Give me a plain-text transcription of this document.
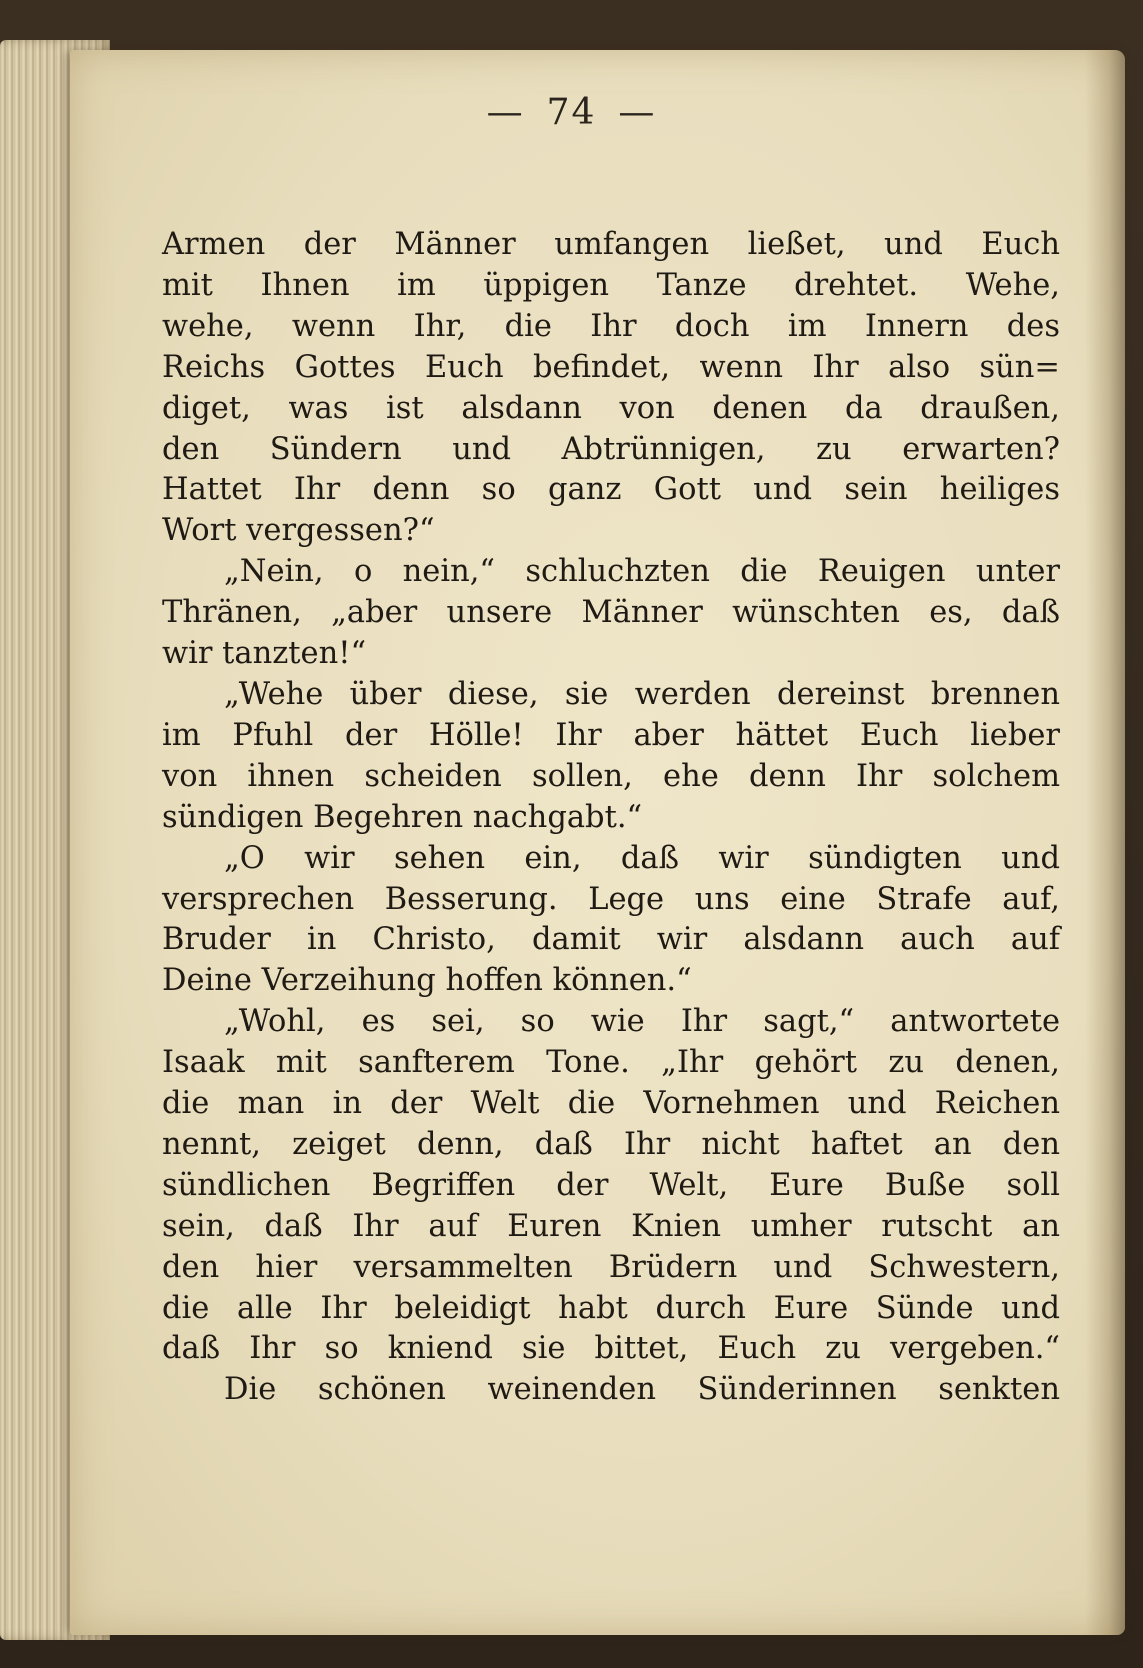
— 74 —
Armen der Männer umfangen ließet, und Euch
mit Ihnen im üppigen Tanze drehtet. Wehe,
wehe, wenn Ihr, die Ihr doch im Innern des
Reichs Gottes Euch befindet, wenn Ihr also sün=
diget, was ist alsdann von denen da draußen,
den Sündern und Abtrünnigen, zu erwarten?
Hattet Ihr denn so ganz Gott und sein heiliges
Wort vergessen?“
„Nein, o nein,“ schluchzten die Reuigen unter
Thränen, „aber unsere Männer wünschten es, daß
wir tanzten!“
„Wehe über diese, sie werden dereinst brennen
im Pfuhl der Hölle! Ihr aber hättet Euch lieber
von ihnen scheiden sollen, ehe denn Ihr solchem
sündigen Begehren nachgabt.“
„O wir sehen ein, daß wir sündigten und
versprechen Besserung. Lege uns eine Strafe auf,
Bruder in Christo, damit wir alsdann auch auf
Deine Verzeihung hoffen können.“
„Wohl, es sei, so wie Ihr sagt,“ antwortete
Isaak mit sanfterem Tone. „Ihr gehört zu denen,
die man in der Welt die Vornehmen und Reichen
nennt, zeiget denn, daß Ihr nicht haftet an den
sündlichen Begriffen der Welt, Eure Buße soll
sein, daß Ihr auf Euren Knien umher rutscht an
den hier versammelten Brüdern und Schwestern,
die alle Ihr beleidigt habt durch Eure Sünde und
daß Ihr so kniend sie bittet, Euch zu vergeben.“
Die schönen weinenden Sünderinnen senkten
